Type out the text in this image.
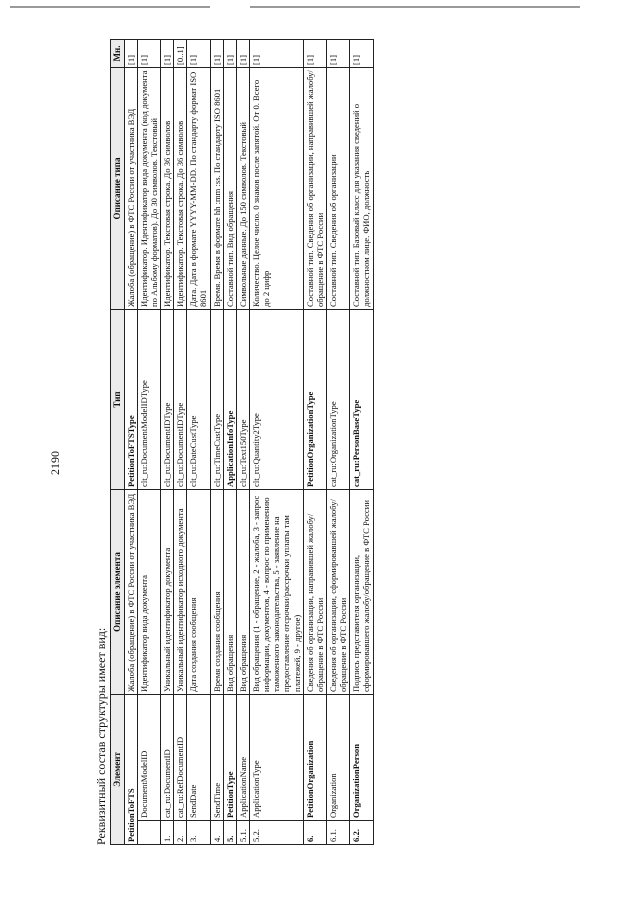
2190
Реквизитный состав структуры имеет вид: Элемент		Описание элемента	Тип	Описание типа	Мн.
PetitionToFTS		Жалоба (обращение) в ФТС России от участника ВЭД	PetitionToFTSType	Жалоба (обращение) в ФТС России от участника ВЭД	[1]
	DocumentModelID	Идентификатор вида документа	clt_ru:DocumentModelIDType	Идентификатор. Идентификатор вида документа (код документа по Альбому форматов). До 30 символов. Текстовый	[1]
1.	cat_ru:DocumentID	Уникальный идентификатор документа	clt_ru:DocumentIDType	Идентификатор. Текстовая строка. До 36 символов	[1]
2.	cat_ru:RefDocumentID	Уникальный идентификатор исходного документа	clt_ru:DocumentIDType	Идентификатор. Текстовая строка. До 36 символов	[0..1]
3.	SendDate	Дата создания сообщения	clt_ru:DateCustType	Дата. Дата в формате YYYY-MM-DD. По стандарту формат ISO 8601	[1]
4.	SendTime	Время создания сообщения	clt_ru:TimeCustType	Время. Время в формате hh :mm :ss. По стандарту ISO 8601	[1]
5.	PetitionType	Вид обращения	ApplicationInfoType	Составной тип. Вид обращения	[1]
5.1.	ApplicationName	Вид обращения	clt_ru:Text150Type	Символьные данные. До 150 символов. Текстовый	[1]
5.2.	ApplicationType	Вид обращения (1 - обращение, 2 - жалоба, 3 - запрос информации, документов, 4 - вопрос по применению таможенного законодательства, 5 - заявление на предоставление отсрочки/рассрочки уплаты там платежей, 9 - другое)	clt_ru:Quantity2Type	Количество. Целое число. 0 знаков после запятой. От 0. Всего до 2 цифр	[1]
6.	PetitionOrganization	Сведения об организации, направившей жалобу/обращение в ФТС России	PetitionOrganizationType	Составной тип. Сведения об организации, направившей жалобу/обращение в ФТС России	[1]
6.1.	Organization	Сведения об организации, сформировавшей жалобу/обращение в ФТС России	cat_ru:OrganizationType	Составной тип. Сведения об организации	[1]
6.2.	OrganizationPerson	Подпись представителя организации, сформировавшего жалобу/обращение в ФТС России	cat_ru:PersonBaseType	Составной тип. Базовый класс для указания сведений о должностном лице. ФИО, должность	[1]
